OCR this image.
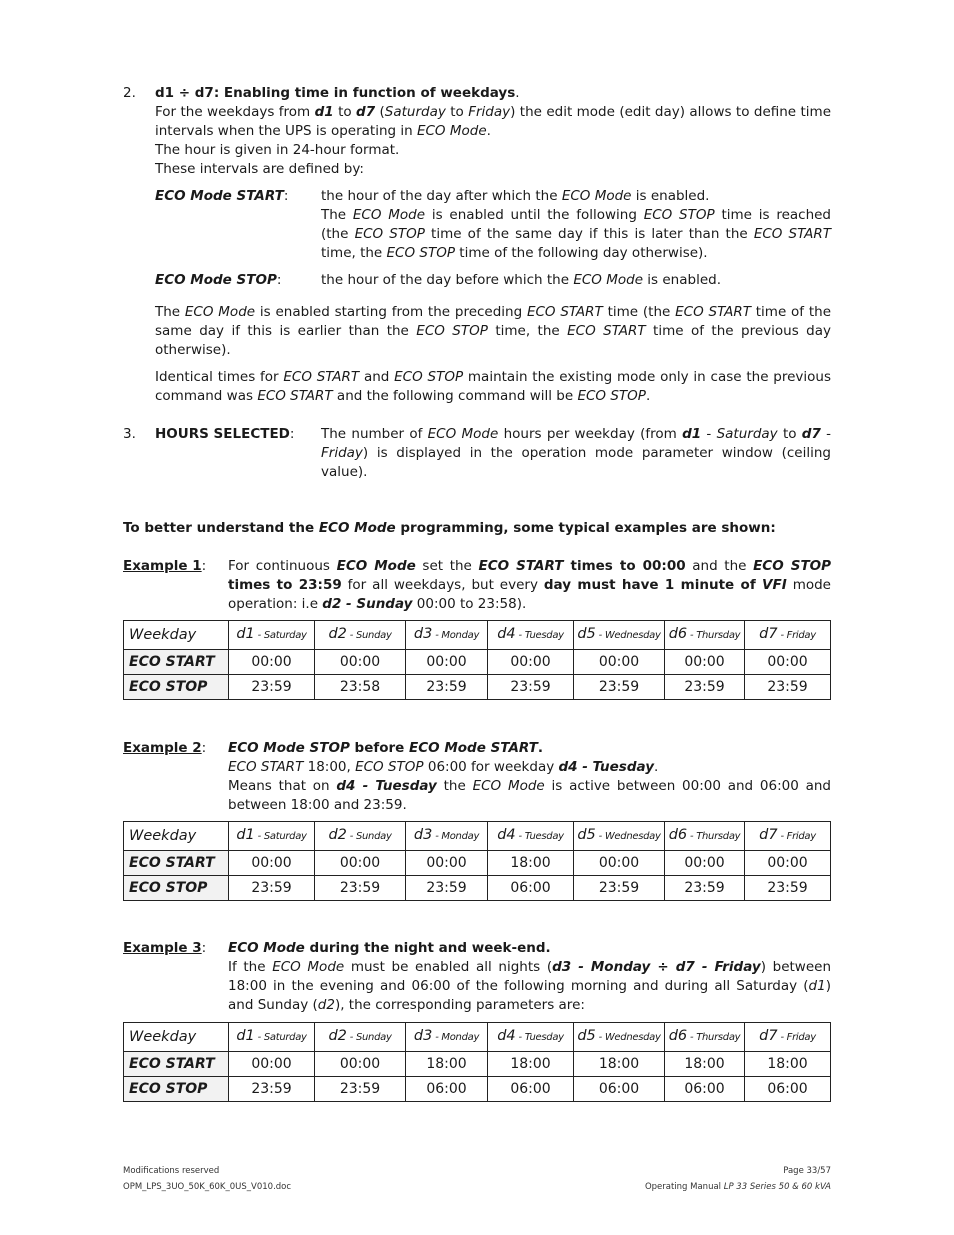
2. d1 ÷ d7: Enabling time in function of weekdays.

For the weekdays from d1 to d7 (Saturday to Friday) the edit mode (edit day) allows to define time intervals when the UPS is operating in ECO Mode.

The hour is given in 24-hour format.

These intervals are defined by:

ECO Mode START: the hour of the day after which the ECO Mode is enabled.

The ECO Mode is enabled until the following ECO STOP time is reached (the ECO STOP time of the same day if this is later than the ECO START time, the ECO STOP time of the following day otherwise).

ECO Mode STOP:	the hour of the day before which the ECO Mode is enabled.
The ECO Mode is enabled starting from the preceding ECO START time (the ECO START time of the same day if this is earlier than the ECO STOP time, the ECO START time of the previous day otherwise).
Identical times for ECO START and ECO STOP maintain the existing mode only in case the previous command was ECO START and the following command will be ECO STOP.
3. HOURS SELECTED: The number of ECO Mode hours per weekday (from d1 - Saturday to d7 - Friday) is displayed in the operation mode parameter window (ceiling value).
To better understand the ECO Mode programming, some typical examples are shown:
Example 1: For continuous ECO Mode set the ECO START times to 00:00 and the ECO STOP times to 23:59 for all weekdays, but every day must have 1 minute of VFI mode operation: i.e d2 - Sunday 00:00 to 23:58).
Weekday	d1 - Saturday	d2 - Sunday	d3 - Monday	d4 - Tuesday	d5 - Wednesday	d6 - Thursday	d7 - Friday
ECO START	00:00	00:00	00:00	00:00	00:00	00:00	00:00
ECO STOP	23:59	23:58	23:59	23:59	23:59	23:59	23:59
Example 2: ECO Mode STOP before ECO Mode START.

ECO START 18:00, ECO STOP 06:00 for weekday d4 - Tuesday.

Means that on d4 - Tuesday the ECO Mode is active between 00:00 and 06:00 and between 18:00 and 23:59.

Weekday	d1 - Saturday	d2 - Sunday	d3 - Monday	d4 - Tuesday	d5 - Wednesday	d6 - Thursday	d7 - Friday
ECO START	00:00	00:00	00:00	18:00	00:00	00:00	00:00
ECO STOP	23:59	23:59	23:59	06:00	23:59	23:59	23:59
Example 3: ECO Mode during the night and week-end.

If the ECO Mode must be enabled all nights (d3 - Monday ÷ d7 - Friday) between 18:00 in the evening and 06:00 of the following morning and during all Saturday (d1) and Sunday (d2), the corresponding parameters are:

Weekday	d1 - Saturday	d2 - Sunday	d3 - Monday	d4 - Tuesday	d5 - Wednesday	d6 - Thursday	d7 - Friday
ECO START	00:00	00:00	18:00	18:00	18:00	18:00	18:00
ECO STOP	23:59	23:59	06:00	06:00	06:00	06:00	06:00
Modifications reserved
OPM_LPS_3UO_50K_60K_0US_V010.doc
Page 33/57
Operating Manual LP 33 Series 50 & 60 kVA
